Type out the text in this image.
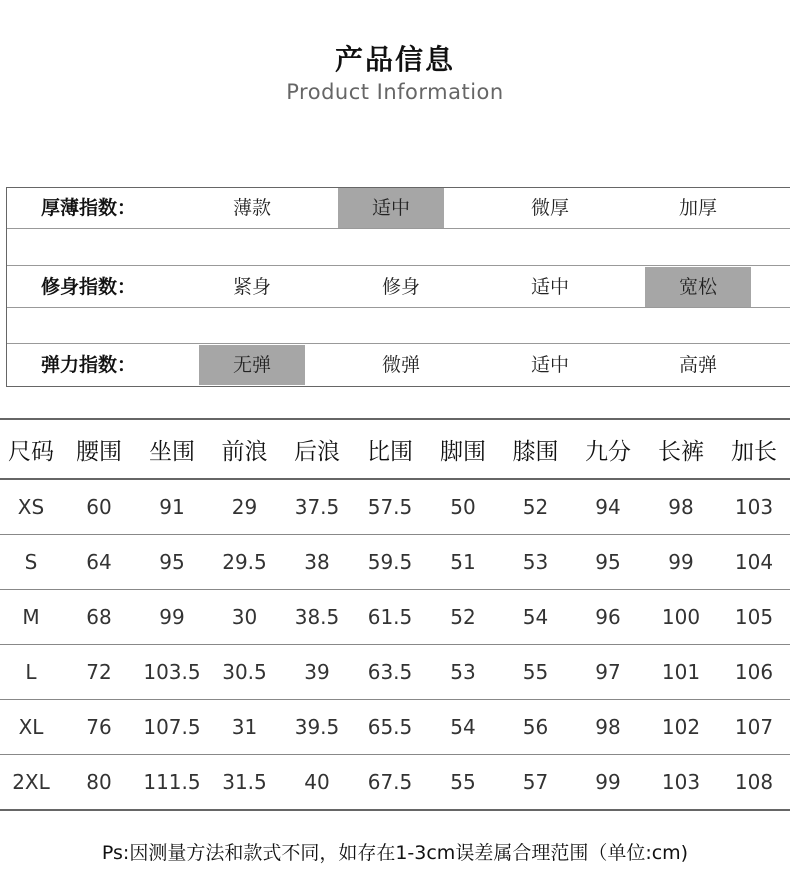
产品信息
Product Information
厚薄指数：	薄款	适中	微厚	加厚
修身指数：	紧身	修身	适中	宽松
弹力指数：	无弹	微弹	适中	高弹
尺码	腰围	坐围	前浪	后浪	比围	脚围	膝围	九分	长裤	加长
XS	60	91	29	37.5	57.5	50	52	94	98	103
S	64	95	29.5	38	59.5	51	53	95	99	104
M	68	99	30	38.5	61.5	52	54	96	100	105
L	72	103.5	30.5	39	63.5	53	55	97	101	106
XL	76	107.5	31	39.5	65.5	54	56	98	102	107
2XL	80	111.5	31.5	40	67.5	55	57	99	103	108
Ps:因测量方法和款式不同，如存在1-3cm误差属合理范围（单位:cm)
